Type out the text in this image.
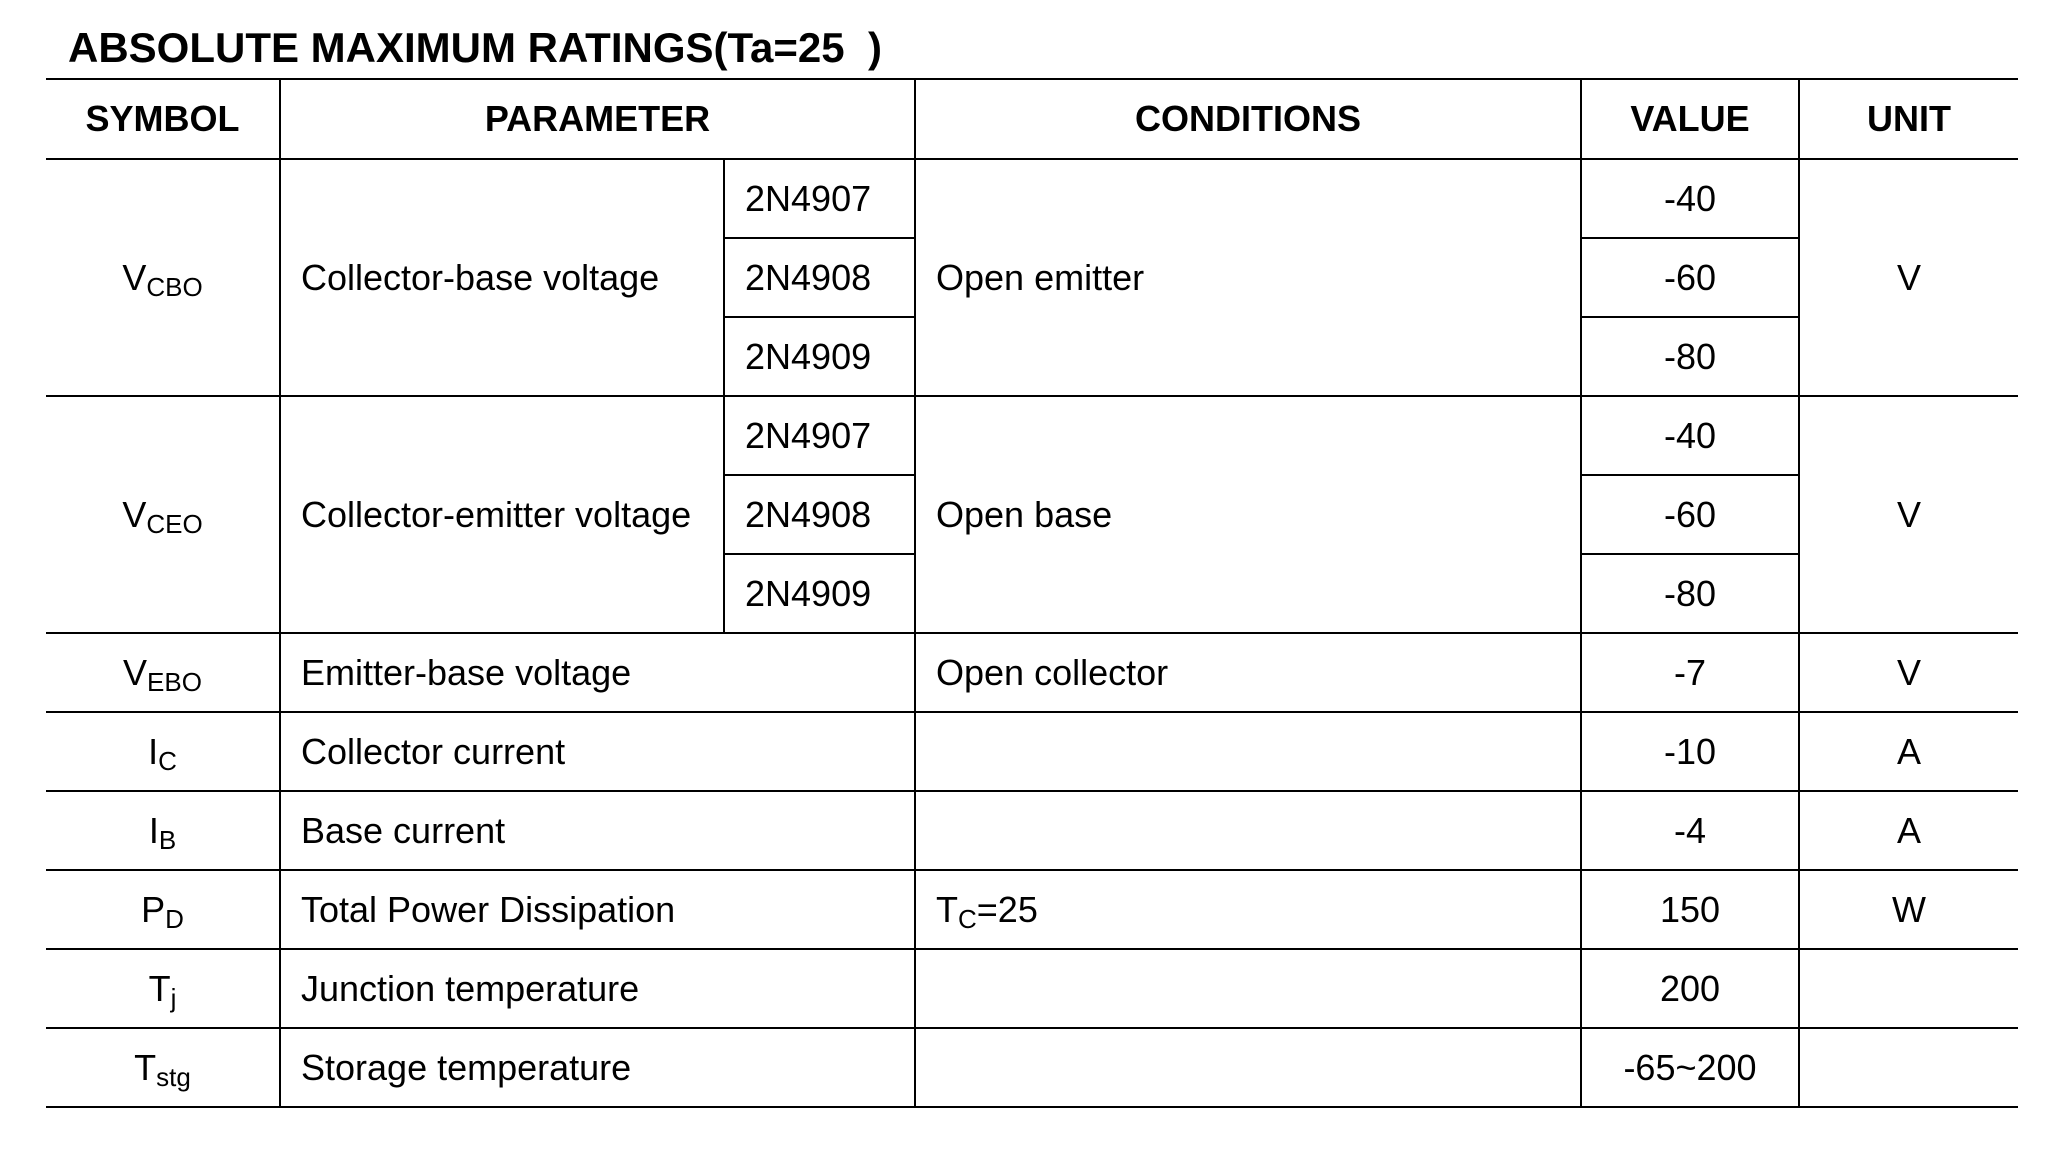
ABSOLUTE MAXIMUM RATINGS(Ta=25  )
SYMBOL	PARAMETER		CONDITIONS	VALUE	UNIT
$V_{CBO}$	Collector-base voltage	2N4907	Open emitter	-40	V
		2N4908		-60	
		2N4909		-80	
$V_{CEO}$	Collector-emitter voltage	2N4907	Open base	-40	V
		2N4908		-60	
		2N4909		-80	
$V_{EBO}$	Emitter-base voltage		Open collector	-7	V
$I_C$	Collector current			-10	A
$I_B$	Base current			-4	A
$P_D$	Total Power Dissipation		$T_C=25$	150	W
$T_j$	Junction temperature			200	
$T_{stg}$	Storage temperature			-65~200	
